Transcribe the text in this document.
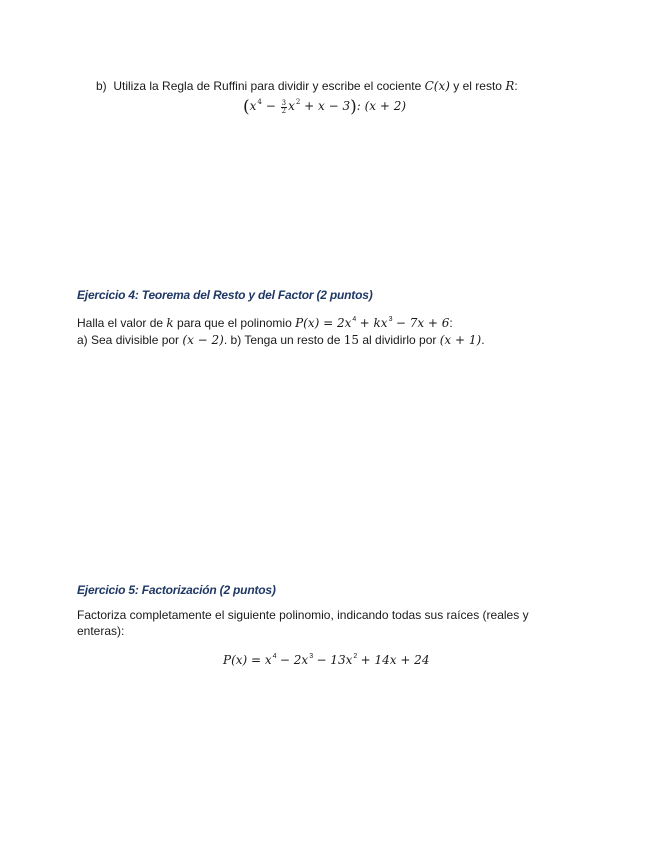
b) Utiliza la Regla de Ruffini para dividir y escribe el cociente C(x) y el resto R:
$(x^4 - \frac{3}{2} x^2 + x - 3)$: (x + 2)
Ejercicio 4: Teorema del Resto y del Factor (2 puntos)
Halla el valor de k para que el polinomio $P(x) = 2x^4 + kx^3 - 7x + 6$:
a) Sea divisible por (x − 2). b) Tenga un resto de 15 al dividirlo por (x + 1).
Ejercicio 5: Factorización (2 puntos)
Factoriza completamente el siguiente polinomio, indicando todas sus raíces (reales y
enteras):
$P(x) = x^4 - 2x^3 - 13x^2 + 14x + 24$
